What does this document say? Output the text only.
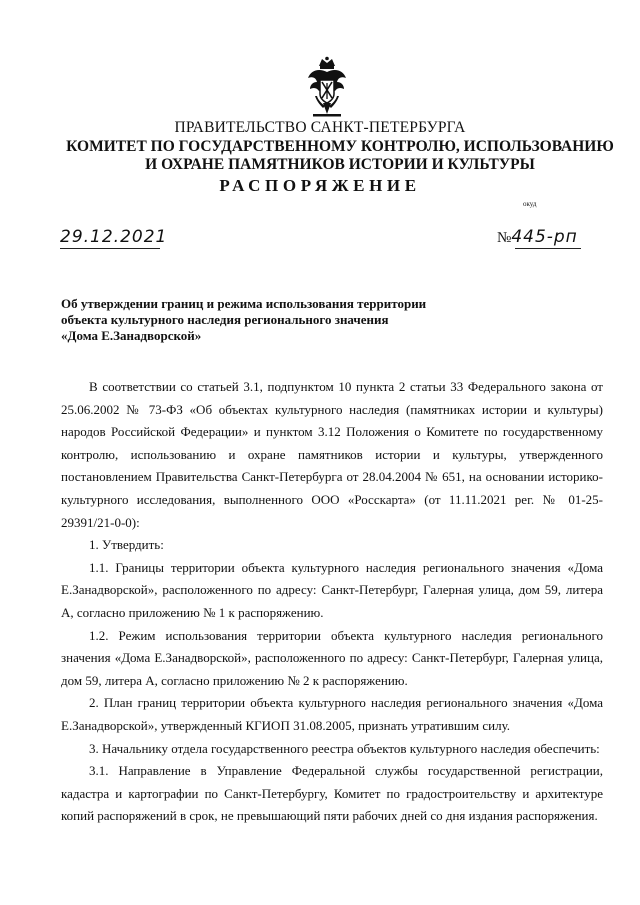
ПРАВИТЕЛЬСТВО САНКТ-ПЕТЕРБУРГА
КОМИТЕТ ПО ГОСУДАРСТВЕННОМУ КОНТРОЛЮ, ИСПОЛЬЗОВАНИЮ
И ОХРАНЕ ПАМЯТНИКОВ ИСТОРИИ И КУЛЬТУРЫ
РАСПОРЯЖЕНИЕ
окуд
29.12.2021	№445-рп
Об утверждении границ и режима использования территории
объекта культурного наследия регионального значения
«Дома Е.Занадворской»

В соответствии со статьей 3.1, подпунктом 10 пункта 2 статьи 33 Федерального закона от 25.06.2002 № 73-ФЗ «Об объектах культурного наследия (памятниках истории и культуры) народов Российской Федерации» и пунктом 3.12 Положения о Комитете по государственному контролю, использованию и охране памятников истории и культуры, утвержденного постановлением Правительства Санкт-Петербурга от 28.04.2004 № 651, на основании историко-культурного исследования, выполненного ООО «Росскарта» (от 11.11.2021 рег. № 01-25-29391/21-0-0):

1. Утвердить:

1.1. Границы территории объекта культурного наследия регионального значения «Дома Е.Занадворской», расположенного по адресу: Санкт-Петербург, Галерная улица, дом 59, литера А, согласно приложению № 1 к распоряжению.

1.2. Режим использования территории объекта культурного наследия регионального значения «Дома Е.Занадворской», расположенного по адресу: Санкт-Петербург, Галерная улица, дом 59, литера А, согласно приложению № 2 к распоряжению.

2. План границ территории объекта культурного наследия регионального значения «Дома Е.Занадворской», утвержденный КГИОП 31.08.2005, признать утратившим силу.

3. Начальнику отдела государственного реестра объектов культурного наследия обеспечить:

3.1. Направление в Управление Федеральной службы государственной регистрации, кадастра и картографии по Санкт-Петербургу, Комитет по градостроительству и архитектуре копий распоряжений в срок, не превышающий пяти рабочих дней со дня издания распоряжения.
